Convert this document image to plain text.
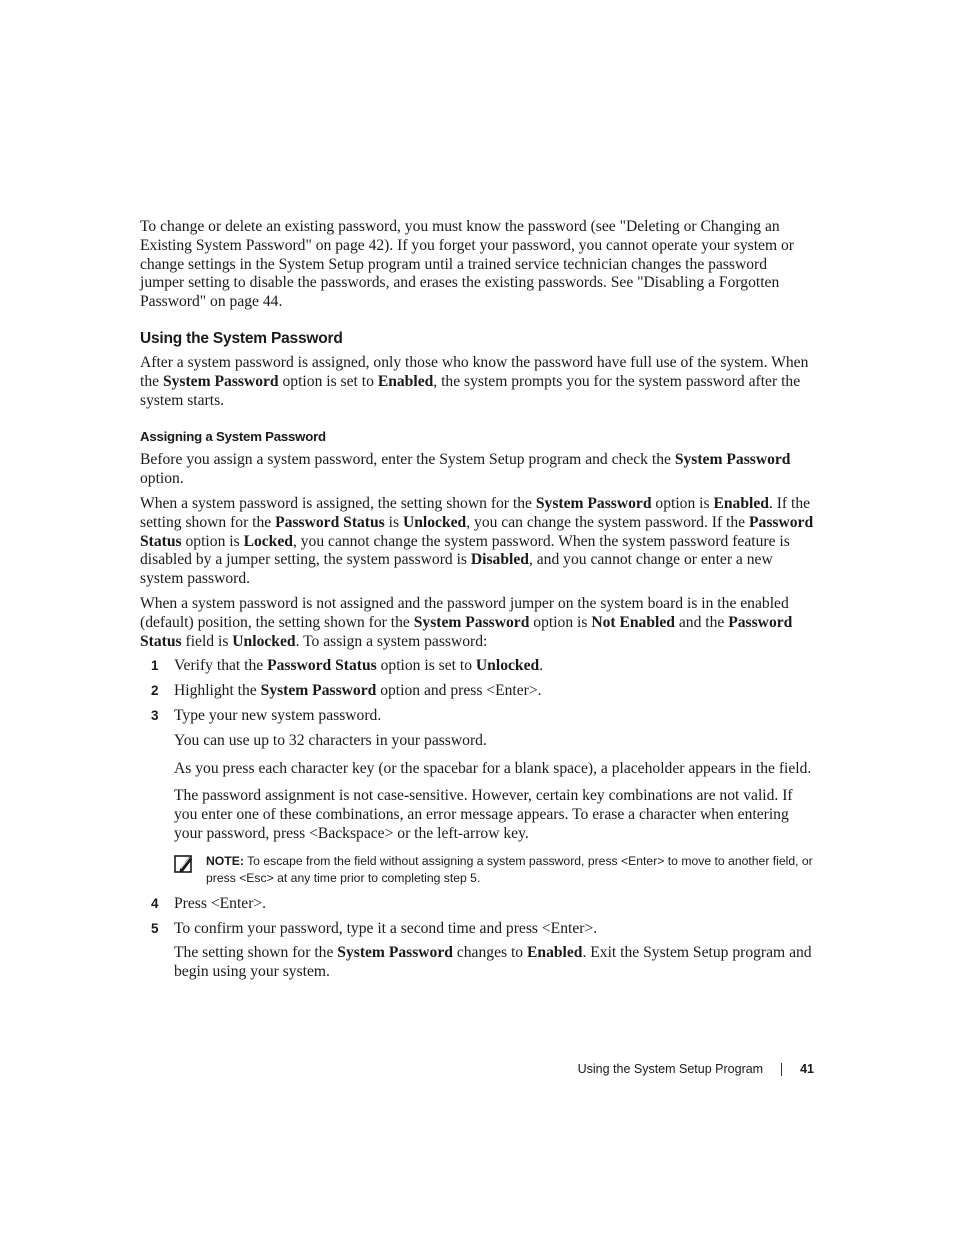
To change or delete an existing password, you must know the password (see "Deleting or Changing an Existing System Password" on page 42). If you forget your password, you cannot operate your system or change settings in the System Setup program until a trained service technician changes the password jumper setting to disable the passwords, and erases the existing passwords. See "Disabling a Forgotten Password" on page 44.

Using the System Password

After a system password is assigned, only those who know the password have full use of the system. When the System Password option is set to Enabled, the system prompts you for the system password after the system starts.

Assigning a System Password

Before you assign a system password, enter the System Setup program and check the System Password option.

When a system password is assigned, the setting shown for the System Password option is Enabled. If the setting shown for the Password Status is Unlocked, you can change the system password. If the Password Status option is Locked, you cannot change the system password. When the system password feature is disabled by a jumper setting, the system password is Disabled, and you cannot change or enter a new system password.

When a system password is not assigned and the password jumper on the system board is in the enabled (default) position, the setting shown for the System Password option is Not Enabled and the Password Status field is Unlocked. To assign a system password:

1 Verify that the Password Status option is set to Unlocked.

2 Highlight the System Password option and press <Enter>.

3 Type your new system password.

You can use up to 32 characters in your password.

As you press each character key (or the spacebar for a blank space), a placeholder appears in the field.

The password assignment is not case-sensitive. However, certain key combinations are not valid. If you enter one of these combinations, an error message appears. To erase a character when entering your password, press <Backspace> or the left-arrow key.

NOTE: To escape from the field without assigning a system password, press <Enter> to move to another field, or press <Esc> at any time prior to completing step 5.

4 Press <Enter>.

5 To confirm your password, type it a second time and press <Enter>.

The setting shown for the System Password changes to Enabled. Exit the System Setup program and begin using your system.

Using the System Setup Program	41
